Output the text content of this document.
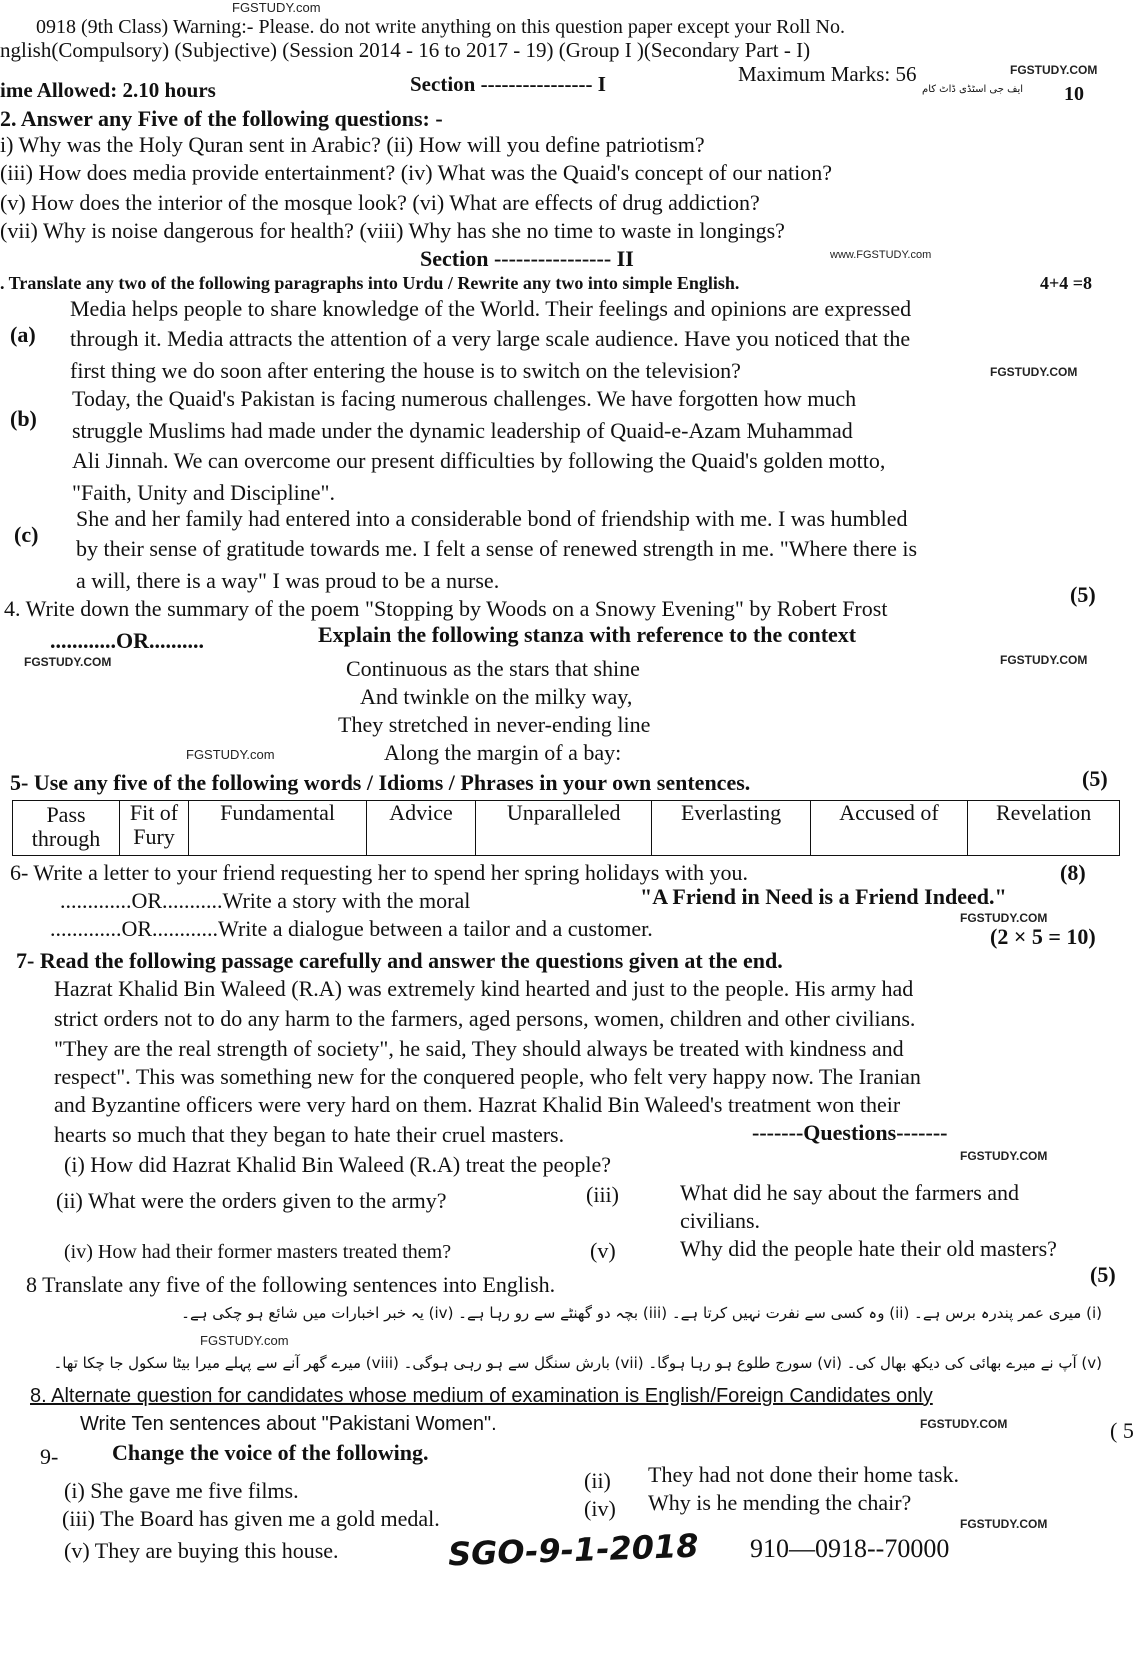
FGSTUDY.com
0918 (9th Class) Warning:- Please. do not write anything on this question paper except your Roll No.
nglish(Compulsory) (Subjective) (Session 2014 - 16 to 2017 - 19) (Group I )(Secondary Part - I)
FGSTUDY.COM
ime Allowed: 2.10 hours	Section ---------------- I	Maximum Marks: 56
ایف جی اسٹڈی ڈاٹ کام 10
2. Answer any Five of the following questions: -
i) Why was the Holy Quran sent in Arabic? (ii) How will you define patriotism?
(iii) How does media provide entertainment? (iv) What was the Quaid's concept of our nation?
(v) How does the interior of the mosque look? (vi) What are effects of drug addiction?
(vii) Why is noise dangerous for health? (viii) Why has she no time to waste in longings?
www.FGSTUDY.com
Section ---------------- II
. Translate any two of the following paragraphs into Urdu / Rewrite any two into simple English.	4+4 =8
(a)
Media helps people to share knowledge of the World. Their feelings and opinions are expressed
through it. Media attracts the attention of a very large scale audience. Have you noticed that the
first thing we do soon after entering the house is to switch on the television?	FGSTUDY.COM
(b)
Today, the Quaid's Pakistan is facing numerous challenges. We have forgotten how much
struggle Muslims had made under the dynamic leadership of Quaid-e-Azam Muhammad
Ali Jinnah. We can overcome our present difficulties by following the Quaid's golden motto,
"Faith, Unity and Discipline".
(c)
She and her family had entered into a considerable bond of friendship with me. I was humbled
by their sense of gratitude towards me. I felt a sense of renewed strength in me. "Where there is
a will, there is a way" I was proud to be a nurse.
4. Write down the summary of the poem "Stopping by Woods on a Snowy Evening" by Robert Frost
(5)
............OR..........	Explain the following stanza with reference to the context
FGSTUDY.COM	FGSTUDY.COM
Continuous as the stars that shine
And twinkle on the milky way,
They stretched in never-ending line
Along the margin of a bay:
FGSTUDY.com
5- Use any five of the following words / Idioms / Phrases in your own sentences.	(5)
Pass through	Fit of Fury	Fundamental	Advice	Unparalleled	Everlasting	Accused of	Revelation
6- Write a letter to your friend requesting her to spend her spring holidays with you.	(8)
.............OR...........Write a story with the moral	"A Friend in Need is a Friend Indeed."
FGSTUDY.COM
.............OR............Write a dialogue between a tailor and a customer.
7- Read the following passage carefully and answer the questions given at the end.
(2 × 5 = 10)
Hazrat Khalid Bin Waleed (R.A) was extremely kind hearted and just to the people. His army had
strict orders not to do any harm to the farmers, aged persons, women, children and other civilians.
"They are the real strength of society", he said, They should always be treated with kindness and
respect". This was something new for the conquered people, who felt very happy now. The Iranian
and Byzantine officers were very hard on them. Hazrat Khalid Bin Waleed's treatment won their
hearts so much that they began to hate their cruel masters.	-------Questions-------
FGSTUDY.COM
(i) How did Hazrat Khalid Bin Waleed (R.A) treat the people?
(ii) What were the orders given to the army?	(iii)	What did he say about the farmers and
civilians.
(iv) How had their former masters treated them?	(v)	Why did the people hate their old masters?
(5)
8 Translate any five of the following sentences into English.
(i) میری عمر پندرہ برس ہے۔ (ii) وہ کسی سے نفرت نہیں کرتا ہے۔ (iii) بچہ دو گھنٹے سے رو رہا ہے۔ (iv) یہ خبر اخبارات میں شائع ہو چکی ہے۔
FGSTUDY.com
(v) آپ نے میرے بھائی کی دیکھ بھال کی۔ (vi) سورج طلوع ہو رہا ہوگا۔ (vii) بارش سنگل سے ہو رہی ہوگی۔ (viii) میرے گھر آنے سے پہلے میرا بیٹا سکول جا چکا تھا۔
8. Alternate question for candidates whose medium of examination is English/Foreign Candidates only
Write Ten sentences about "Pakistani Women".	FGSTUDY.COM	( 5
9- Change the voice of the following.
(i) She gave me five films.	(ii) They had not done their home task.
(iii) The Board has given me a gold medal.	(iv) Why is he mending the chair?
FGSTUDY.COM
(v) They are buying this house.	SGO-9-1-2018 910—0918--70000
